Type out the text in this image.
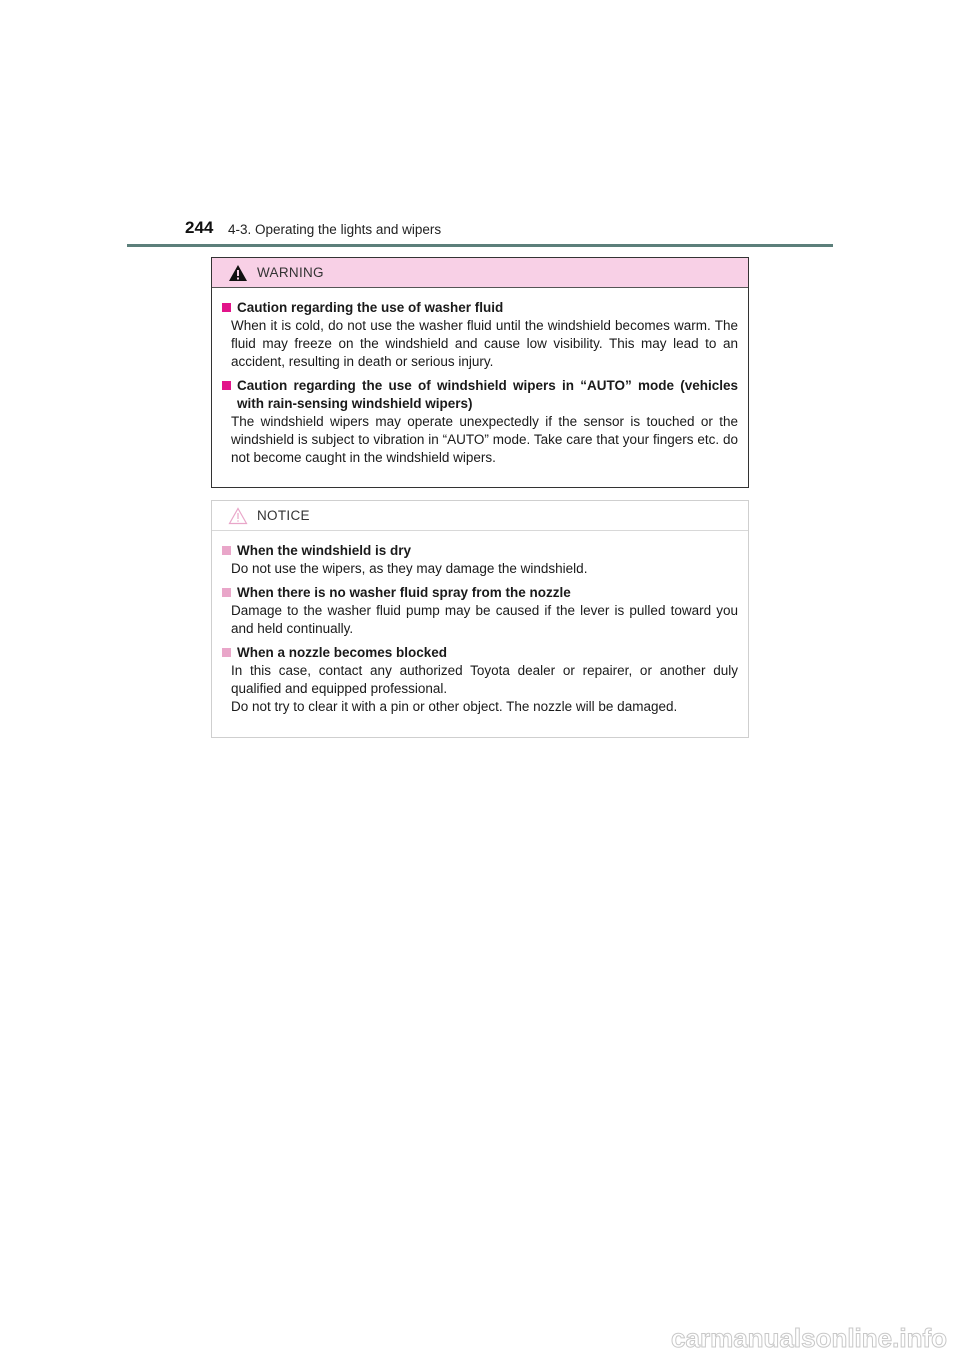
244 4-3. Operating the lights and wipers
WARNING
Caution regarding the use of washer fluid

When it is cold, do not use the washer fluid until the windshield becomes warm. The fluid may freeze on the windshield and cause low visibility. This may lead to an accident, resulting in death or serious injury.

Caution regarding the use of windshield wipers in “AUTO” mode (vehicles with rain-sensing windshield wipers)

The windshield wipers may operate unexpectedly if the sensor is touched or the windshield is subject to vibration in “AUTO” mode. Take care that your fingers etc. do not become caught in the windshield wipers.

NOTICE
When the windshield is dry

Do not use the wipers, as they may damage the windshield.

When there is no washer fluid spray from the nozzle

Damage to the washer fluid pump may be caused if the lever is pulled toward you and held continually.

When a nozzle becomes blocked

In this case, contact any authorized Toyota dealer or repairer, or another duly qualified and equipped professional.

Do not try to clear it with a pin or other object. The nozzle will be damaged.

carmanualsonline.info
